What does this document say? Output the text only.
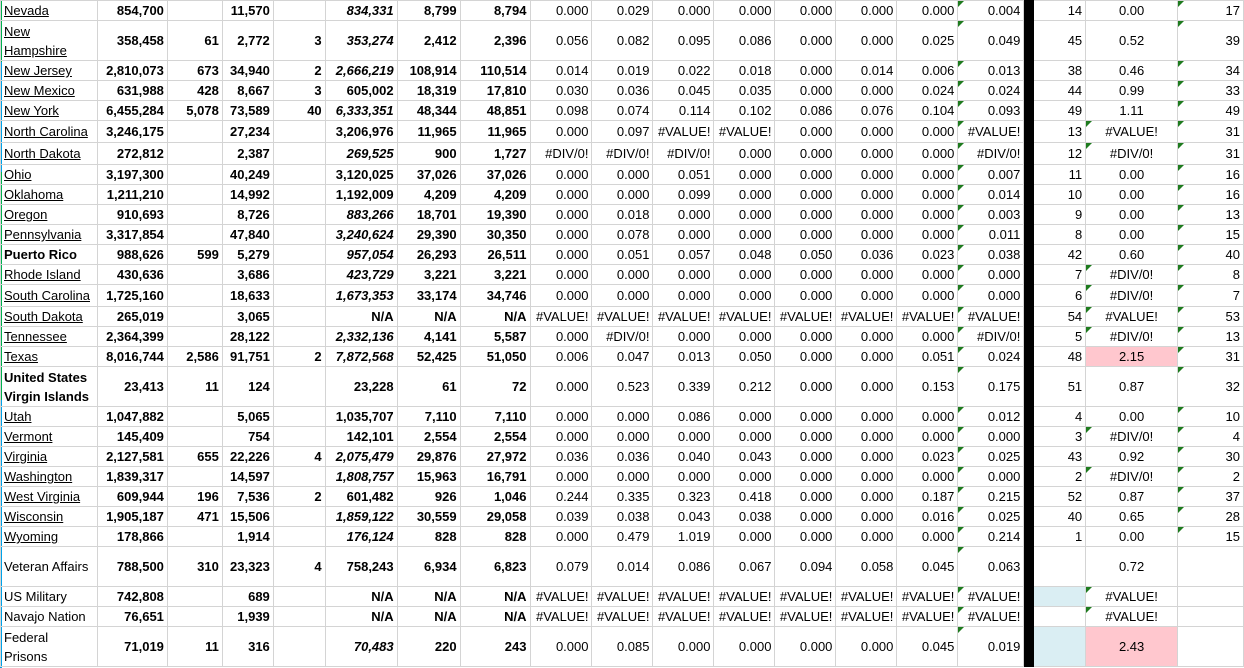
Nevada	854,700		11,570		834,331	8,799	8,794	0.000	0.029	0.000	0.000	0.000	0.000	0.000	0.004		14	0.00	17
New Hampshire	358,458	61	2,772	3	353,274	2,412	2,396	0.056	0.082	0.095	0.086	0.000	0.000	0.025	0.049		45	0.52	39
New Jersey	2,810,073	673	34,940	2	2,666,219	108,914	110,514	0.014	0.019	0.022	0.018	0.000	0.014	0.006	0.013		38	0.46	34
New Mexico	631,988	428	8,667	3	605,002	18,319	17,810	0.030	0.036	0.045	0.035	0.000	0.000	0.024	0.024		44	0.99	33
New York	6,455,284	5,078	73,589	40	6,333,351	48,344	48,851	0.098	0.074	0.114	0.102	0.086	0.076	0.104	0.093		49	1.11	49
North Carolina	3,246,175		27,234		3,206,976	11,965	11,965	0.000	0.097	#VALUE!	#VALUE!	0.000	0.000	0.000	#VALUE!		13	#VALUE!	31
North Dakota	272,812		2,387		269,525	900	1,727	#DIV/0!	#DIV/0!	#DIV/0!	0.000	0.000	0.000	0.000	#DIV/0!		12	#DIV/0!	31
Ohio	3,197,300		40,249		3,120,025	37,026	37,026	0.000	0.000	0.051	0.000	0.000	0.000	0.000	0.007		11	0.00	16
Oklahoma	1,211,210		14,992		1,192,009	4,209	4,209	0.000	0.000	0.099	0.000	0.000	0.000	0.000	0.014		10	0.00	16
Oregon	910,693		8,726		883,266	18,701	19,390	0.000	0.018	0.000	0.000	0.000	0.000	0.000	0.003		9	0.00	13
Pennsylvania	3,317,854		47,840		3,240,624	29,390	30,350	0.000	0.078	0.000	0.000	0.000	0.000	0.000	0.011		8	0.00	15
Puerto Rico	988,626	599	5,279		957,054	26,293	26,511	0.000	0.051	0.057	0.048	0.050	0.036	0.023	0.038		42	0.60	40
Rhode Island	430,636		3,686		423,729	3,221	3,221	0.000	0.000	0.000	0.000	0.000	0.000	0.000	0.000		7	#DIV/0!	8
South Carolina	1,725,160		18,633		1,673,353	33,174	34,746	0.000	0.000	0.000	0.000	0.000	0.000	0.000	0.000		6	#DIV/0!	7
South Dakota	265,019		3,065		N/A	N/A	N/A	#VALUE!	#VALUE!	#VALUE!	#VALUE!	#VALUE!	#VALUE!	#VALUE!	#VALUE!		54	#VALUE!	53
Tennessee	2,364,399		28,122		2,332,136	4,141	5,587	0.000	#DIV/0!	0.000	0.000	0.000	0.000	0.000	#DIV/0!		5	#DIV/0!	13
Texas	8,016,744	2,586	91,751	2	7,872,568	52,425	51,050	0.006	0.047	0.013	0.050	0.000	0.000	0.051	0.024		48	2.15	31
United States Virgin Islands	23,413	11	124		23,228	61	72	0.000	0.523	0.339	0.212	0.000	0.000	0.153	0.175		51	0.87	32
Utah	1,047,882		5,065		1,035,707	7,110	7,110	0.000	0.000	0.086	0.000	0.000	0.000	0.000	0.012		4	0.00	10
Vermont	145,409		754		142,101	2,554	2,554	0.000	0.000	0.000	0.000	0.000	0.000	0.000	0.000		3	#DIV/0!	4
Virginia	2,127,581	655	22,226	4	2,075,479	29,876	27,972	0.036	0.036	0.040	0.043	0.000	0.000	0.023	0.025		43	0.92	30
Washington	1,839,317		14,597		1,808,757	15,963	16,791	0.000	0.000	0.000	0.000	0.000	0.000	0.000	0.000		2	#DIV/0!	2
West Virginia	609,944	196	7,536	2	601,482	926	1,046	0.244	0.335	0.323	0.418	0.000	0.000	0.187	0.215		52	0.87	37
Wisconsin	1,905,187	471	15,506		1,859,122	30,559	29,058	0.039	0.038	0.043	0.038	0.000	0.000	0.016	0.025		40	0.65	28
Wyoming	178,866		1,914		176,124	828	828	0.000	0.479	1.019	0.000	0.000	0.000	0.000	0.214		1	0.00	15
Veteran Affairs	788,500	310	23,323	4	758,243	6,934	6,823	0.079	0.014	0.086	0.067	0.094	0.058	0.045	0.063			0.72	
US Military	742,808		689		N/A	N/A	N/A	#VALUE!	#VALUE!	#VALUE!	#VALUE!	#VALUE!	#VALUE!	#VALUE!	#VALUE!			#VALUE!	
Navajo Nation	76,651		1,939		N/A	N/A	N/A	#VALUE!	#VALUE!	#VALUE!	#VALUE!	#VALUE!	#VALUE!	#VALUE!	#VALUE!			#VALUE!	
Federal Prisons	71,019	11	316		70,483	220	243	0.000	0.085	0.000	0.000	0.000	0.000	0.045	0.019			2.43	
